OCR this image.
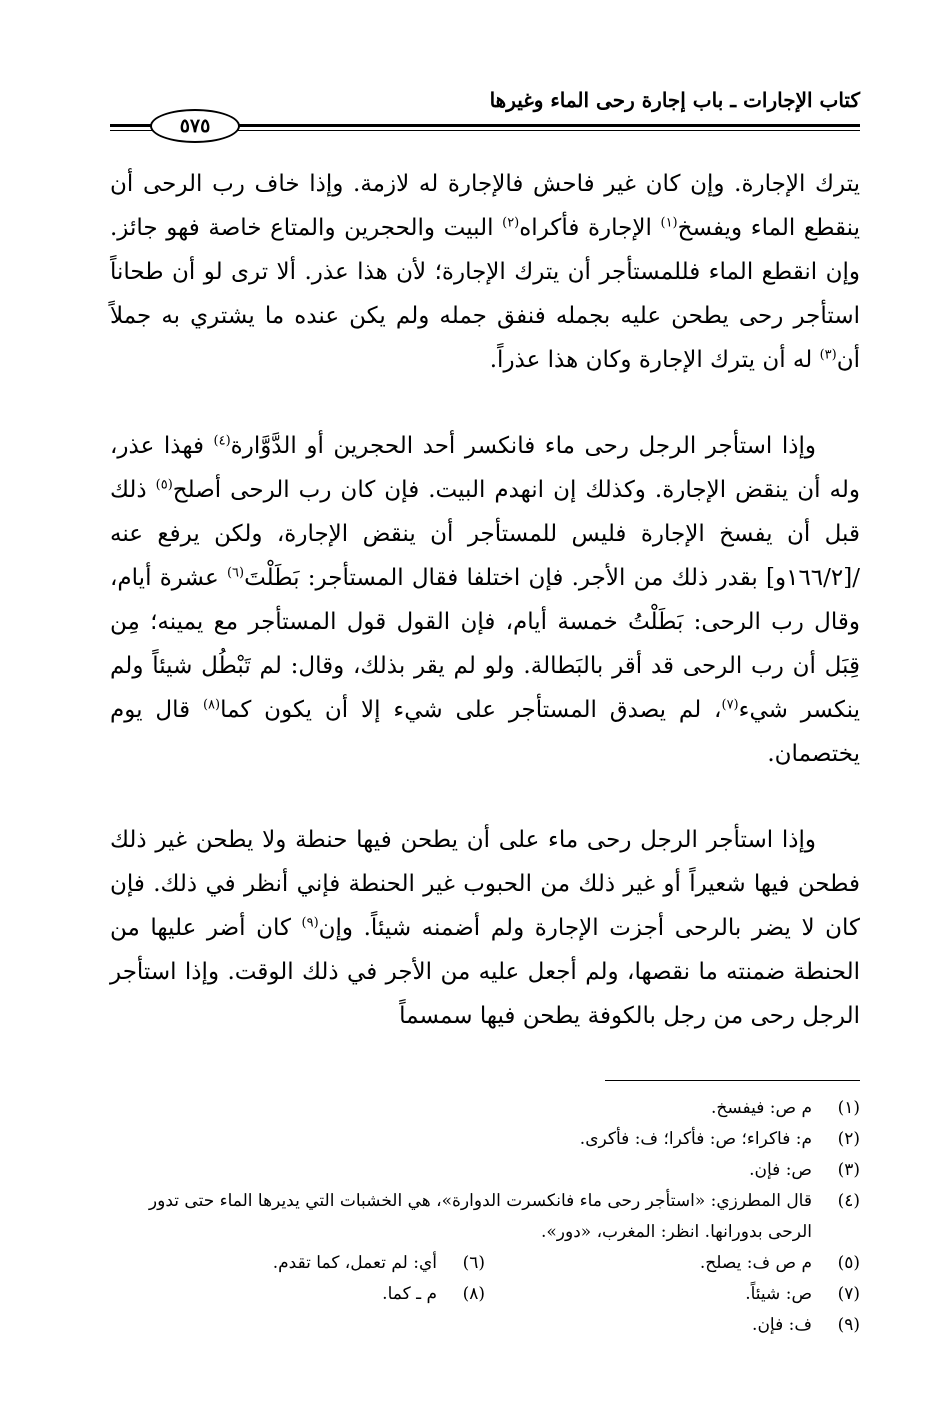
كتاب الإجارات ـ باب إجارة رحى الماء وغيرها
٥٧٥

يترك الإجارة. وإن كان غير فاحش فالإجارة له لازمة. وإذا خاف رب الرحى أن ينقطع الماء ويفسخ$^{(١)}$ الإجارة فأكراه$^{(٢)}$ البيت والحجرين والمتاع خاصة فهو جائز. وإن انقطع الماء فللمستأجر أن يترك الإجارة؛ لأن هذا عذر. ألا ترى لو أن طحاناً استأجر رحى يطحن عليه بجمله فنفق جمله ولم يكن عنده ما يشتري به جملاً أن$^{(٣)}$ له أن يترك الإجارة وكان هذا عذراً.

وإذا استأجر الرجل رحى ماء فانكسر أحد الحجرين أو الدَّوَّارة$^{(٤)}$ فهذا عذر، وله أن ينقض الإجارة. وكذلك إن انهدم البيت. فإن كان رب الرحى أصلح$^{(٥)}$ ذلك قبل أن يفسخ الإجارة فليس للمستأجر أن ينقض الإجارة، ولكن يرفع عنه /[١٦٦/٢و] بقدر ذلك من الأجر. فإن اختلفا فقال المستأجر: بَطَلْتَ$^{(٦)}$ عشرة أيام، وقال رب الرحى: بَطَلْتُ خمسة أيام، فإن القول قول المستأجر مع يمينه؛ مِن قِبَل أن رب الرحى قد أقر بالبَطالة. ولو لم يقر بذلك، وقال: لم تَبْطُل شيئاً ولم ينكسر شيء$^{(٧)}$، لم يصدق المستأجر على شيء إلا أن يكون كما$^{(٨)}$ قال يوم يختصمان.

وإذا استأجر الرجل رحى ماء على أن يطحن فيها حنطة ولا يطحن غير ذلك فطحن فيها شعيراً أو غير ذلك من الحبوب غير الحنطة فإني أنظر في ذلك. فإن كان لا يضر بالرحى أجزت الإجارة ولم أضمنه شيئاً. وإن$^{(٩)}$ كان أضر عليها من الحنطة ضمنته ما نقصها، ولم أجعل عليه من الأجر في ذلك الوقت. وإذا استأجر الرجل رحى من رجل بالكوفة يطحن فيها سمسماً

(١)
م ص: فيفسخ.
(٢)
م: فاكراء؛ ص: فأكرا؛ ف: فأكرى.
(٣)
ص: فإن.
(٤)
قال المطرزي: «استأجر رحى ماء فانكسرت الدوارة»، هي الخشبات التي يديرها الماء حتى تدور الرحى بدورانها. انظر: المغرب، «دور».
(٥)
م ص ف: يصلح.
(٦)
أي: لم تعمل، كما تقدم.
(٧)
ص: شيئاً.
(٨)
م ـ كما.
(٩)
ف: فإن.
